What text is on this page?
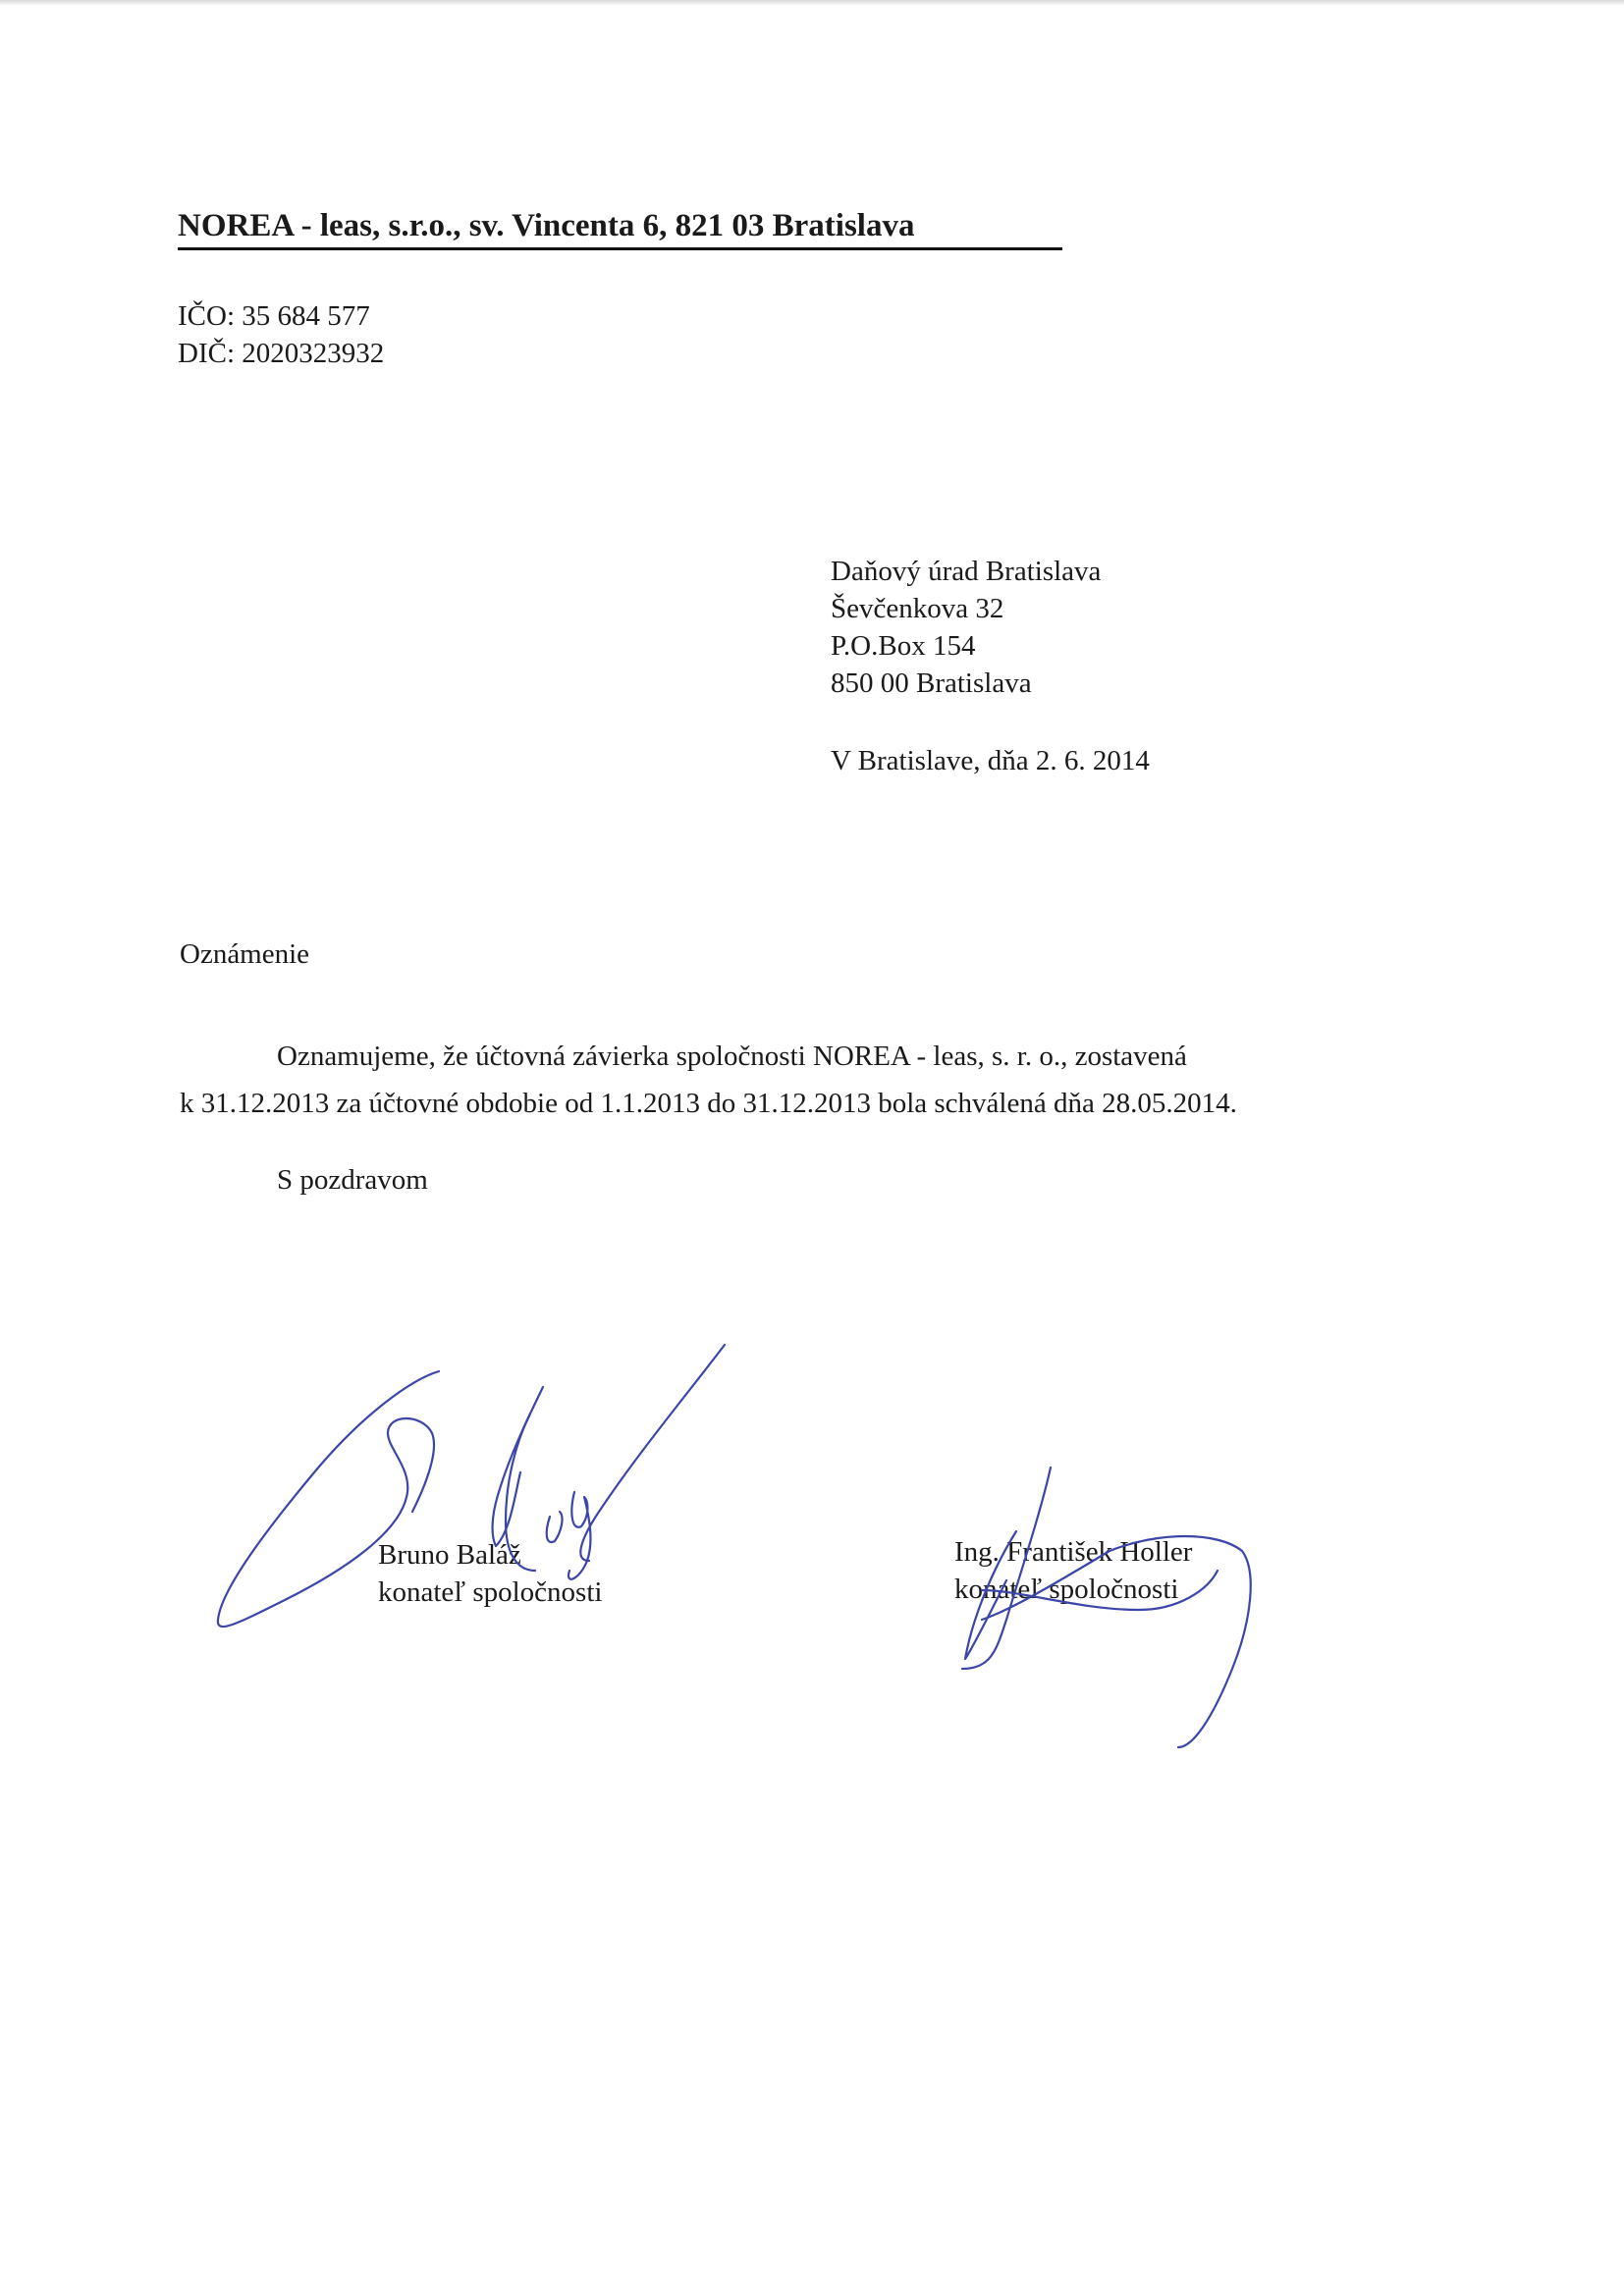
NOREA - leas, s.r.o., sv. Vincenta 6, 821 03 Bratislava
IČO: 35 684 577
DIČ: 2020323932
Daňový úrad Bratislava
Ševčenkova 32
P.O.Box 154
850 00 Bratislava
V Bratislave, dňa 2. 6. 2014
Oznámenie
Oznamujeme, že účtovná závierka spoločnosti NOREA - leas, s. r. o., zostavená
k 31.12.2013 za účtovné obdobie od 1.1.2013 do 31.12.2013 bola schválená dňa 28.05.2014.
S pozdravom
Bruno Baláž
konateľ spoločnosti
Ing. František Holler
konateľ spoločnosti
